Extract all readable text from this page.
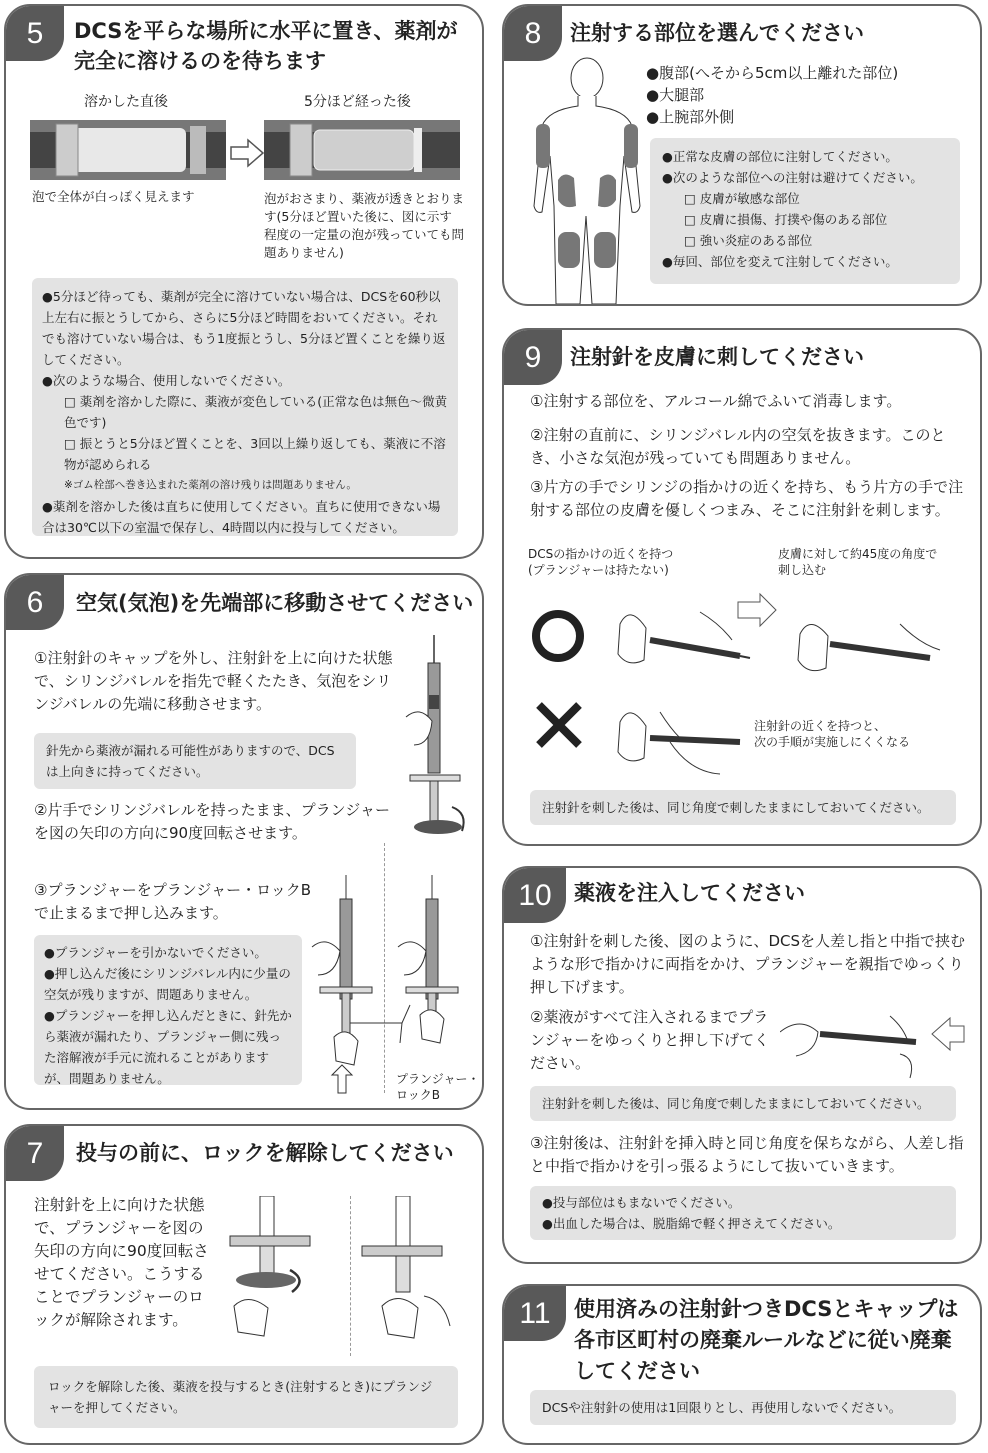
5	DCSを平らな場所に水平に置き、薬剤が
完全に溶けるのを待ちます
溶かした直後	5分ほど経った後
泡で全体が白っぽく見えます	泡がおさまり、薬液が透きとおります(5分ほど置いた後に、図に示す程度の一定量の泡が残っていても問題ありません)
●5分ほど待っても、薬剤が完全に溶けていない場合は、DCSを60秒以上左右に振とうしてから、さらに5分ほど時間をおいてください。それでも溶けていない場合は、もう1度振とうし、5分ほど置くことを繰り返してください。
●次のような場合、使用しないでください。
□ 薬剤を溶かした際に、薬液が変色している(正常な色は無色～微黄色です)
□ 振とうと5分ほど置くことを、3回以上繰り返しても、薬液に不溶物が認められる
※ゴム栓部へ巻き込まれた薬剤の溶け残りは問題ありません。
●薬剤を溶かした後は直ちに使用してください。直ちに使用できない場合は30℃以下の室温で保存し、4時間以内に投与してください。
6	空気(気泡)を先端部に移動させてください
①注射針のキャップを外し、注射針を上に向けた状態で、シリンジバレルを指先で軽くたたき、気泡をシリンジバレルの先端に移動させます。
針先から薬液が漏れる可能性がありますので、DCSは上向きに持ってください。
②片手でシリンジバレルを持ったまま、プランジャーを図の矢印の方向に90度回転させます。
③プランジャーをプランジャー・ロックBで止まるまで押し込みます。
●プランジャーを引かないでください。
●押し込んだ後にシリンジバレル内に少量の空気が残りますが、問題ありません。
●プランジャーを押し込んだときに、針先から薬液が漏れたり、プランジャー側に残った溶解液が手元に流れることがありますが、問題ありません。	プランジャー・
ロックB
7	投与の前に、ロックを解除してください
注射針を上に向けた状態で、プランジャーを図の矢印の方向に90度回転させてください。こうすることでプランジャーのロックが解除されます。
ロックを解除した後、薬液を投与するとき(注射するとき)にプランジャーを押してください。
8	注射する部位を選んでください
●腹部(へそから5cm以上離れた部位)
●大腿部
●上腕部外側
●正常な皮膚の部位に注射してください。
●次のような部位への注射は避けてください。
□ 皮膚が敏感な部位
□ 皮膚に損傷、打撲や傷のある部位
□ 強い炎症のある部位
●毎回、部位を変えて注射してください。
9	注射針を皮膚に刺してください
①注射する部位を、アルコール綿でふいて消毒します。
②注射の直前に、シリンジバレル内の空気を抜きます。このとき、小さな気泡が残っていても問題ありません。
③片方の手でシリンジの指かけの近くを持ち、もう片方の手で注射する部位の皮膚を優しくつまみ、そこに注射針を刺します。
DCSの指かけの近くを持つ
(プランジャーは持たない)
皮膚に対して約45度の角度で
刺し込む
注射針の近くを持つと、
次の手順が実施しにくくなる
注射針を刺した後は、同じ角度で刺したままにしておいてください。
10	薬液を注入してください
①注射針を刺した後、図のように、DCSを人差し指と中指で挟むような形で指かけに両指をかけ、プランジャーを親指でゆっくり押し下げます。
②薬液がすべて注入されるまでプランジャーをゆっくりと押し下げてください。
注射針を刺した後は、同じ角度で刺したままにしておいてください。
③注射後は、注射針を挿入時と同じ角度を保ちながら、人差し指と中指で指かけを引っ張るようにして抜いていきます。
●投与部位はもまないでください。
●出血した場合は、脱脂綿で軽く押さえてください。
11	使用済みの注射針つきDCSとキャップは
各市区町村の廃棄ルールなどに従い廃棄
してください
DCSや注射針の使用は1回限りとし、再使用しないでください。
